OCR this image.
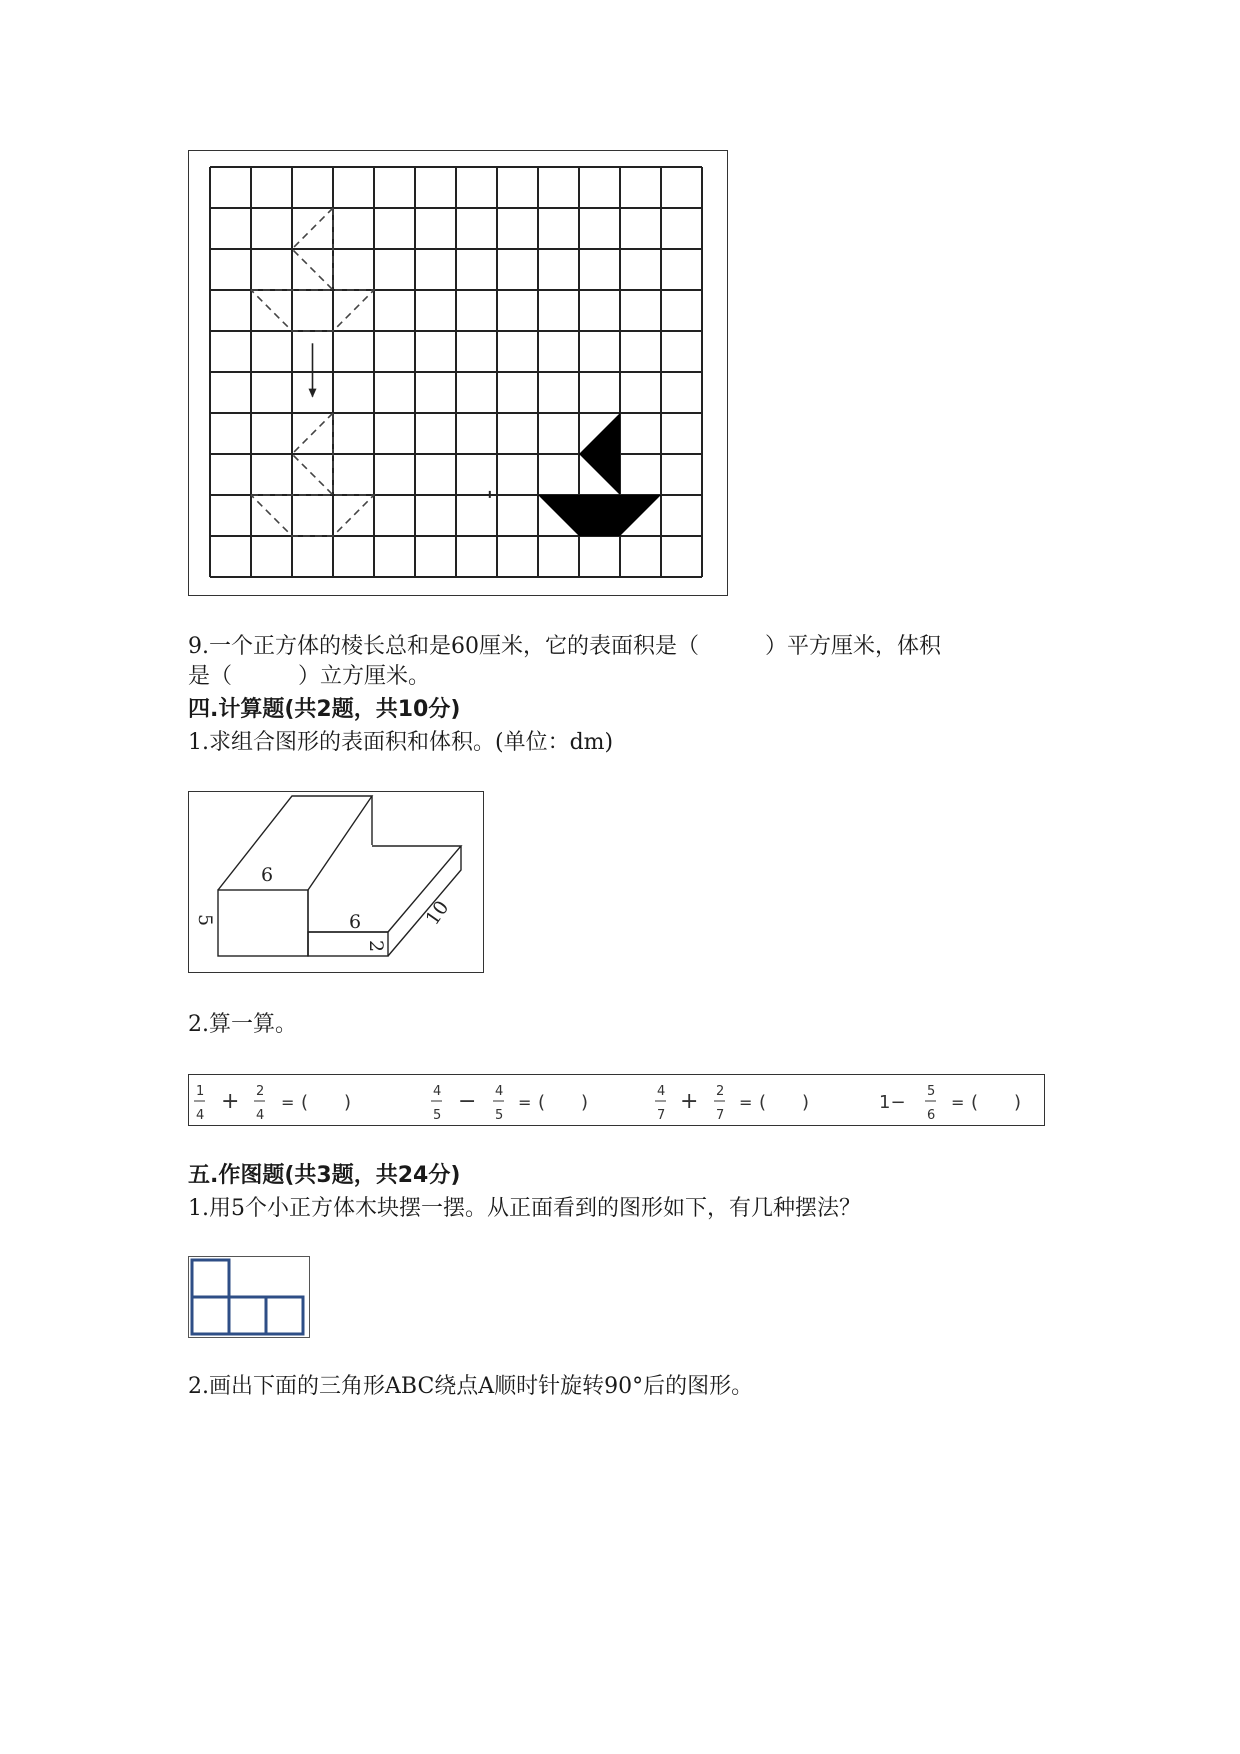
9.一个正方体的棱长总和是60厘米，它的表面积是（　　　）平方厘米，体积
是（　　　）立方厘米。
四.计算题(共2题，共10分)
1.求组合图形的表面积和体积。(单位：dm)
6
6
5
2
10
2.算一算。
1
4
+ 2
4
= (　　)
4
5
− 4
5
= (　　)
4
7
+ 2
7
= (　　)	1−
5
6
= (　　)
五.作图题(共3题，共24分)
1.用5个小正方体木块摆一摆。从正面看到的图形如下，有几种摆法？
2.画出下面的三角形ABC绕点A顺时针旋转90°后的图形。
